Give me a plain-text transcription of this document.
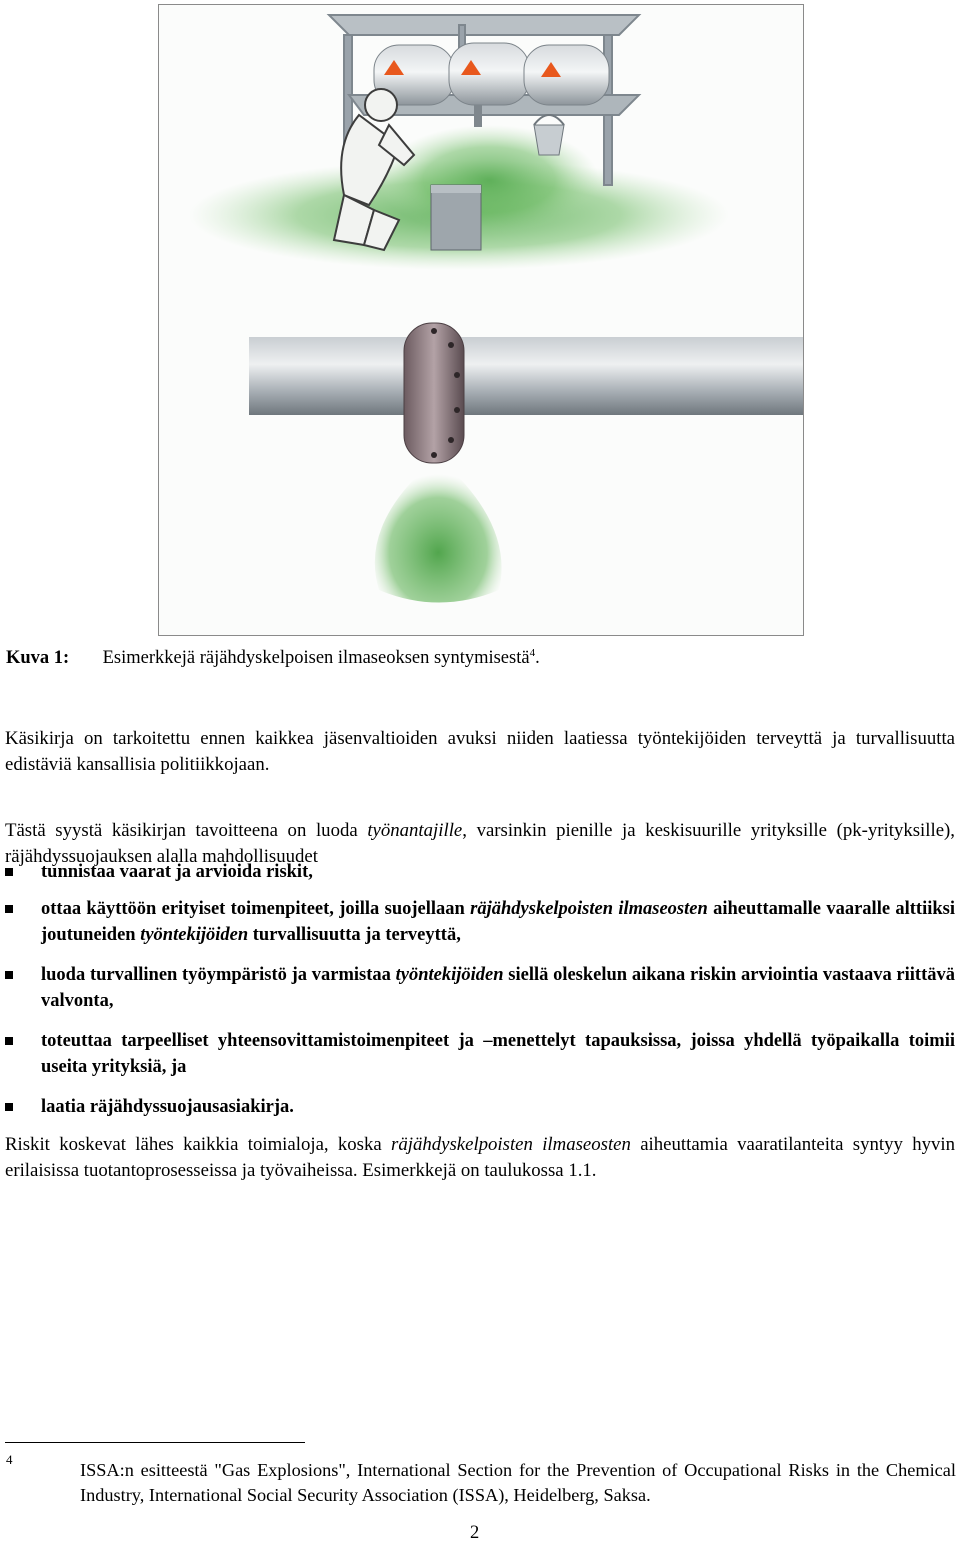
Kuva 1: Esimerkkejä räjähdyskelpoisen ilmaseoksen syntymisestä$^4$.
Käsikirja on tarkoitettu ennen kaikkea jäsenvaltioiden avuksi niiden laatiessa työntekijöiden terveyttä ja turvallisuutta edistäviä kansallisia politiikkojaan.
Tästä syystä käsikirjan tavoitteena on luoda työnantajille, varsinkin pienille ja keskisuurille yrityksille (pk-yrityksille), räjähdyssuojauksen alalla mahdollisuudet
tunnistaa vaarat ja arvioida riskit,
ottaa käyttöön erityiset toimenpiteet, joilla suojellaan räjähdyskelpoisten ilmaseosten aiheuttamalle vaaralle alttiiksi joutuneiden työntekijöiden turvallisuutta ja terveyttä,
luoda turvallinen työympäristö ja varmistaa työntekijöiden siellä oleskelun aikana riskin arviointia vastaava riittävä valvonta,
toteuttaa tarpeelliset yhteensovittamistoimenpiteet ja –menettelyt tapauksissa, joissa yhdellä työpaikalla toimii useita yrityksiä, ja
laatia räjähdyssuojausasiakirja.
Riskit koskevat lähes kaikkia toimialoja, koska räjähdyskelpoisten ilmaseosten aiheuttamia vaaratilanteita syntyy hyvin erilaisissa tuotantoprosesseissa ja työvaiheissa. Esimerkkejä on taulukossa 1.1.
4
ISSA:n esitteestä "Gas Explosions", International Section for the Prevention of Occupational Risks in the Chemical Industry, International Social Security Association (ISSA), Heidelberg, Saksa.
2
